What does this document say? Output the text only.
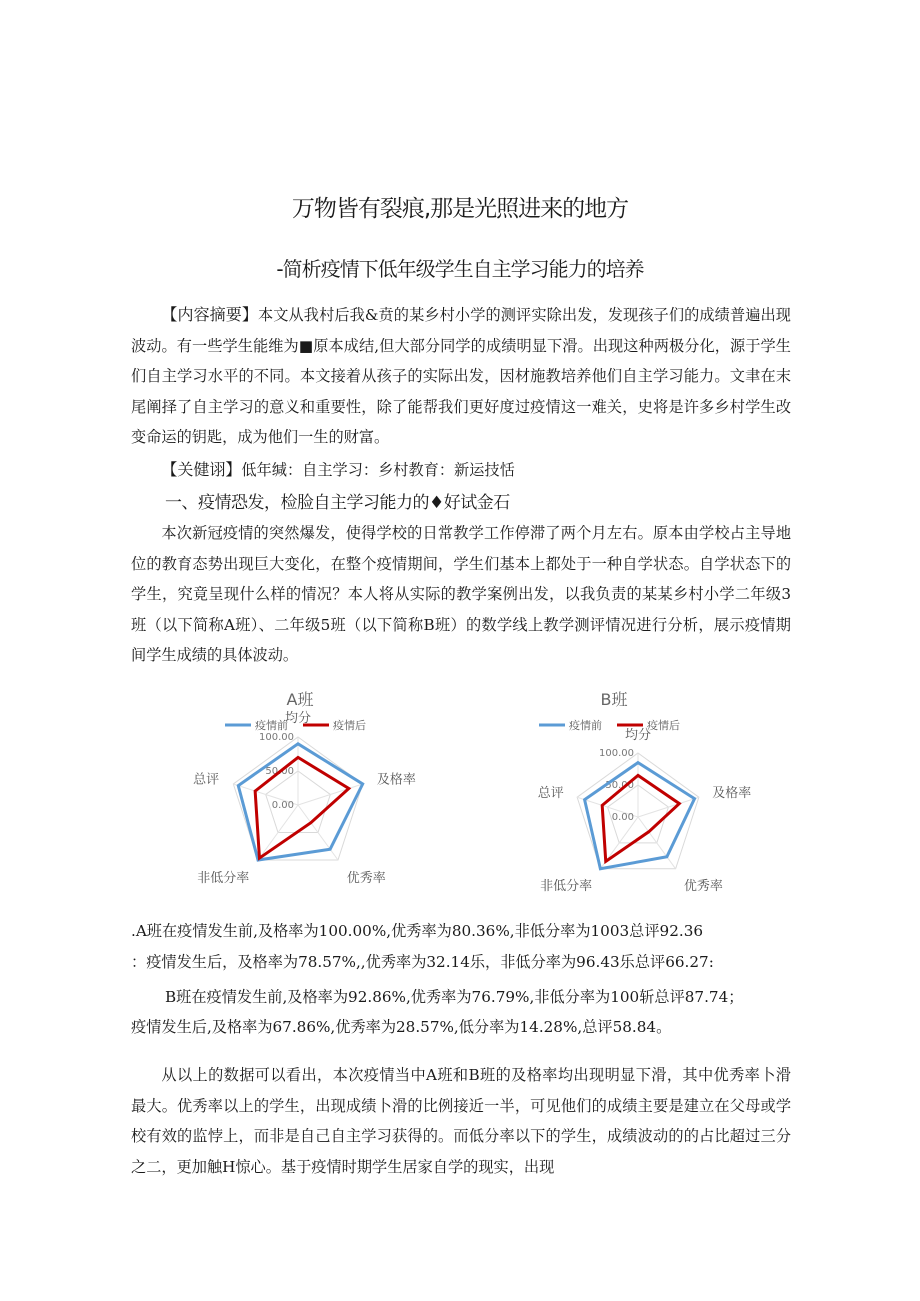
万物皆有裂痕,那是光照进来的地方
-简析疫情下低年级学生自主学习能力的培养

【内容摘要】本文从我村后我&贲的某乡村小学的测评实除出发，发现孩子们的成绩普遍出现波动。有一些学生能维为■原本成结,但大部分同学的成绩明显下滑。出现这种两极分化，源于学生们自主学习水平的不同。本文接着从孩子的实际出发，因材施教培养他们自主学习能力。文聿在末尾阐择了自主学习的意义和重要性，除了能帮我们更好度过疫情这一难关，史将是许多乡村学生改变命运的钥匙，成为他们一生的财富。

【关健诩】低年缄：自主学习：乡村教育：新运技恬

一、疫情恐发，检脸自主学习能力的♦好试金石

本次新冠疫情的突然爆发，使得学校的日常教学工作停滞了两个月左右。原本由学校占主导地位的教育态势出现巨大变化，在整个疫情期间，学生们基本上都处于一种自学状态。自学状态下的学生，究竟呈现什么样的情况？本人将从实际的教学案例出发，以我负责的某某乡村小学二年级3班（以下简称A班）、二年级5班（以下简称B班）的数学线上教学测评情况进行分析，展示疫情期间学生成绩的具体波动。

A班
疫情前	疫情后
100.00
50.00
0.00
均分
及格率
优秀率
非低分率
总评
B班
疫情前	疫情后
100.00
50.00
0.00
均分
及格率
优秀率
非低分率
总评

.A班在疫情发生前,及格率为100.00%,优秀率为80.36%,非低分率为1003总评92.36

：疫情发生后，及格率为78.57%,,优秀率为32.14乐，非低分率为96.43乐总评66.27:

B班在疫情发生前,及格率为92.86%,优秀率为76.79%,非低分率为100斩总评87.74；

疫情发生后,及格率为67.86%,优秀率为28.57%,低分率为14.28%,总评58.84。

从以上的数据可以看出，本次疫情当中A班和B班的及格率均出现明显下滑，其中优秀率卜滑最大。优秀率以上的学生，出现成绩卜滑的比例接近一半，可见他们的成绩主要是建立在父母或学校有效的监悖上，而非是自己自主学习获得的。而低分率以下的学生，成绩波动的的占比超过三分之二，更加触H惊心。基于疫情时期学生居家自学的现实，出现
